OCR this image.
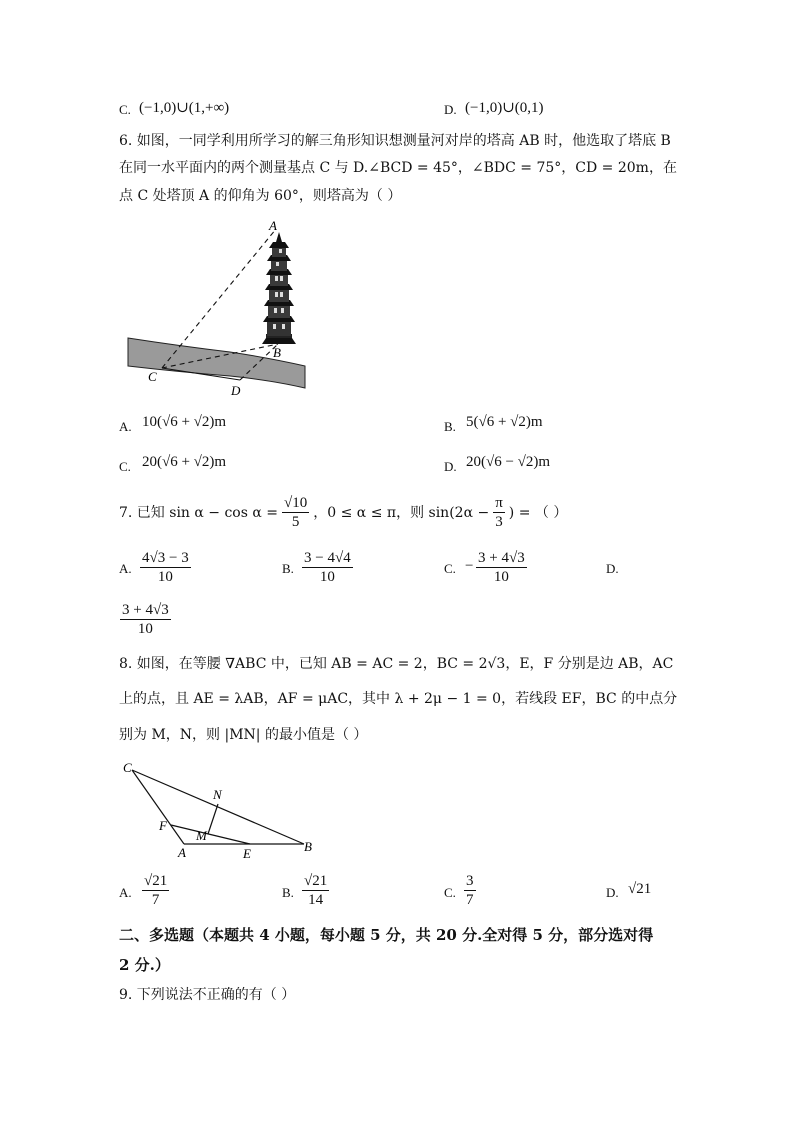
C. (−1,0)∪(1,+∞)	D. (−1,0)∪(0,1)
6. 如图，一同学利用所学习的解三角形知识想测量河对岸的塔高 AB 时，他选取了塔底 B
在同一水平面内的两个测量基点 C 与 D.∠BCD = 45°，∠BDC = 75°，CD = 20m，在
点 C 处塔顶 A 的仰角为 60°，则塔高为（ ）
A
B
C
D
A. 10(√6 + √2)m	B. 5(√6 + √2)m
C. 20(√6 + √2)m	D. 20(√6 − √2)m
7. 已知 $\sin \alpha - \cos \alpha = \frac{√10}{5}$ ，0 ≤ α ≤ π，则 $\sin(2\alpha - \frac{\pi}{3}$ ) = （ ）
A. $\frac{4√3 - 3}{10}$	B. $\frac{3 - 4√4}{10}$	C. − $\frac{3 + 4√3}{10}$	D.
$\frac{3 + 4√3}{10}$
8. 如图，在等腰 ∇ABC 中，已知 AB = AC = 2，BC = 2√3，E，F 分别是边 AB，AC
上的点，且 AE = λAB，AF = μAC，其中 λ + 2μ − 1 = 0，若线段 EF，BC 的中点分
别为 M，N，则 |MN| 的最小值是（ ）
C
N
F
M
A	E	B
A. $\frac{√21}{7}$	B. $\frac{√21}{14}$	C. $\frac{3}{7}$	D. √21
二、多选题（本题共 4 小题，每小题 5 分，共 20 分.全对得 5 分，部分选对得
2 分.）
9. 下列说法不正确的有（ ）
